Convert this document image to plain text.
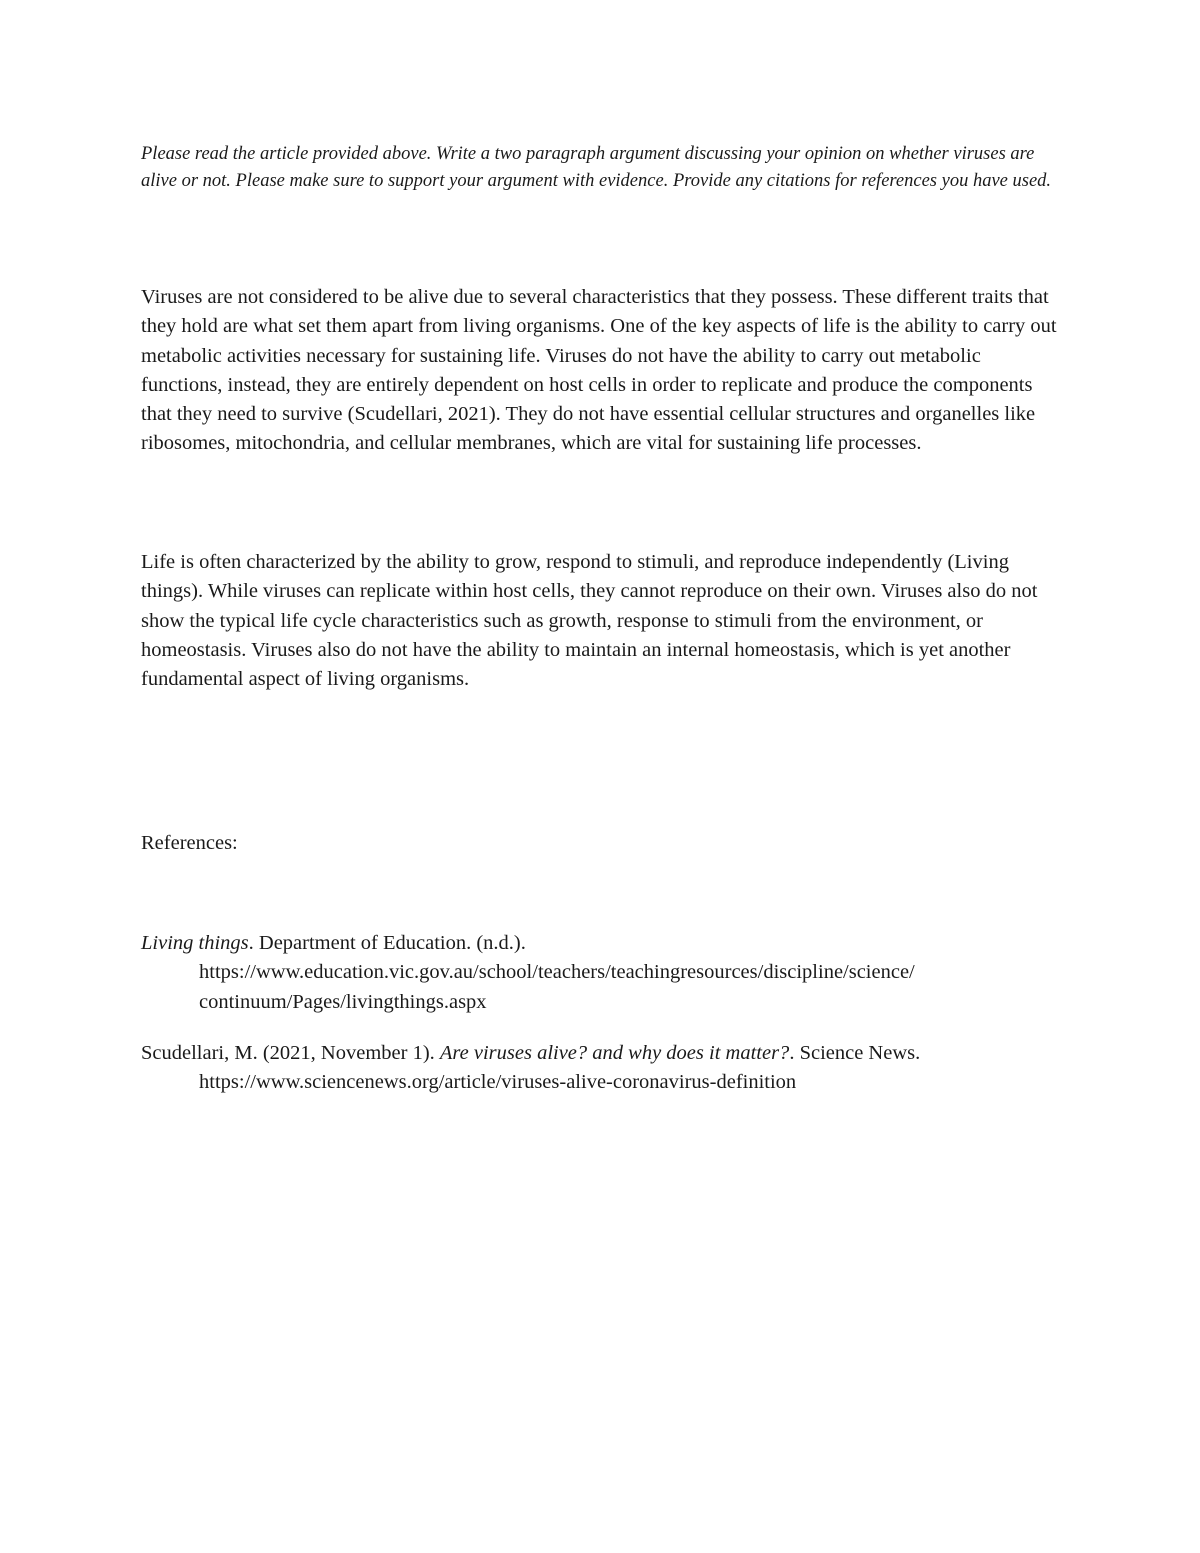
Please read the article provided above. Write a two paragraph argument discussing your opinion on whether viruses are alive or not. Please make sure to support your argument with evidence. Provide any citations for references you have used.

Viruses are not considered to be alive due to several characteristics that they possess. These different traits that they hold are what set them apart from living organisms. One of the key aspects of life is the ability to carry out metabolic activities necessary for sustaining life. Viruses do not have the ability to carry out metabolic functions, instead, they are entirely dependent on host cells in order to replicate and produce the components that they need to survive (Scudellari, 2021). They do not have essential cellular structures and organelles like ribosomes, mitochondria, and cellular membranes, which are vital for sustaining life processes.

Life is often characterized by the ability to grow, respond to stimuli, and reproduce independently (Living things). While viruses can replicate within host cells, they cannot reproduce on their own. Viruses also do not show the typical life cycle characteristics such as growth, response to stimuli from the environment, or homeostasis. Viruses also do not have the ability to maintain an internal homeostasis, which is yet another fundamental aspect of living organisms.

References:

Living things. Department of Education. (n.d.).
https://www.education.vic.gov.au/school/teachers/teachingresources/discipline/science/
continuum/Pages/livingthings.aspx

Scudellari, M. (2021, November 1). Are viruses alive? and why does it matter?. Science News.
https://www.sciencenews.org/article/viruses-alive-coronavirus-definition
